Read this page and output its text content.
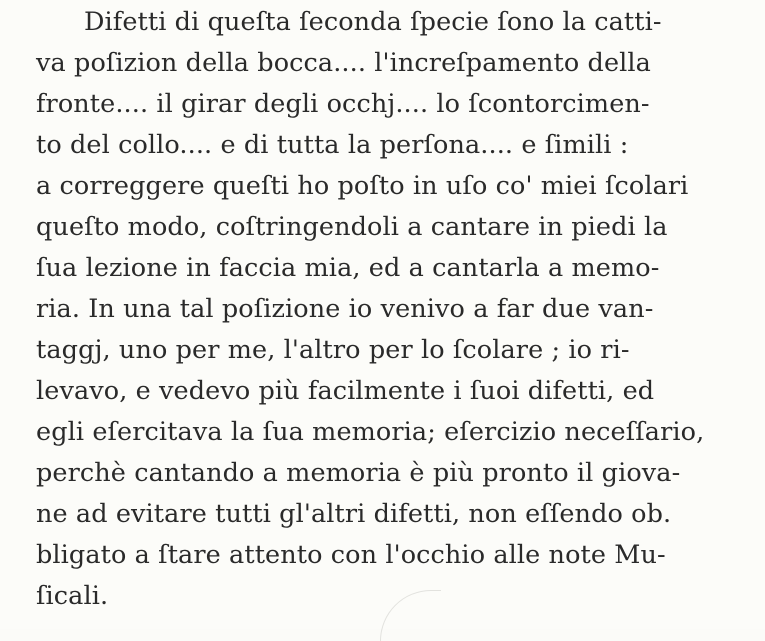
Difetti di queſta ſeconda ſpecie ſono la catti-
va poſizion della bocca.... l'increſpamento della
fronte.... il girar degli occhj.... lo ſcontorcimen-
to del collo.... e di tutta la perſona.... e ſimili :
a correggere queſti ho poſto in uſo co' miei ſcolari
queſto modo, coſtringendoli a cantare in piedi la
ſua lezione in faccia mia, ed a cantarla a memo-
ria. In una tal poſizione io venivo a far due van-
taggj, uno per me, l'altro per lo ſcolare ; io ri-
levavo, e vedevo più facilmente i ſuoi difetti, ed
egli eſercitava la ſua memoria; eſercizio neceſſario,
perchè cantando a memoria è più pronto il giova-
ne ad evitare tutti gl'altri difetti, non eſſendo ob.
bligato a ſtare attento con l'occhio alle note Mu-
ſicali.
